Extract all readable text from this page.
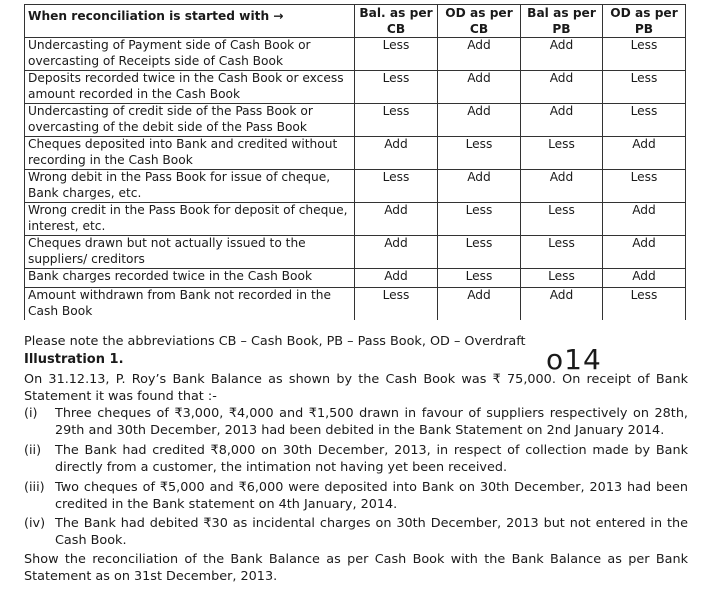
When reconciliation is started with →	Bal. as per CB	OD as per CB	Bal as per PB	OD as per PB
Undercasting of Payment side of Cash Book or overcasting of Receipts side of Cash Book	Less	Add	Add	Less
Deposits recorded twice in the Cash Book or excess amount recorded in the Cash Book	Less	Add	Add	Less
Undercasting of credit side of the Pass Book or overcasting of the debit side of the Pass Book	Less	Add	Add	Less
Cheques deposited into Bank and credited without recording in the Cash Book	Add	Less	Less	Add
Wrong debit in the Pass Book for issue of cheque, Bank charges, etc.	Less	Add	Add	Less
Wrong credit in the Pass Book for deposit of cheque, interest, etc.	Add	Less	Less	Add
Cheques drawn but not actually issued to the suppliers/ creditors	Add	Less	Less	Add
Bank charges recorded twice in the Cash Book	Add	Less	Less	Add
Amount withdrawn from Bank not recorded in the Cash Book	Less	Add	Add	Less
Please note the abbreviations CB – Cash Book, PB – Pass Book, OD – Overdraft
Illustration 1.	o14
On 31.12.13, P. Roy’s Bank Balance as shown by the Cash Book was ₹ 75,000. On receipt of Bank Statement it was found that :-
(i)	Three cheques of ₹3,000, ₹4,000 and ₹1,500 drawn in favour of suppliers respectively on 28th, 29th and 30th December, 2013 had been debited in the Bank Statement on 2nd January 2014.
(ii)	The Bank had credited ₹8,000 on 30th December, 2013, in respect of collection made by Bank directly from a customer, the intimation not having yet been received.
(iii) Two cheques of ₹5,000 and ₹6,000 were deposited into Bank on 30th December, 2013 had been credited in the Bank statement on 4th January, 2014.
(iv) The Bank had debited ₹30 as incidental charges on 30th December, 2013 but not entered in the Cash Book.
Show the reconciliation of the Bank Balance as per Cash Book with the Bank Balance as per Bank Statement as on 31st December, 2013.
